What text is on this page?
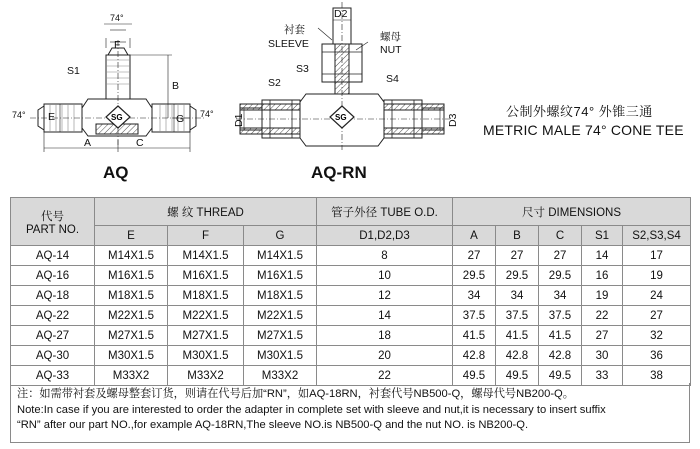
SG
74°
F
S1
B
74° E	G 74°
A	C
SG
D2
衬套
SLEEVE
螺母
NUT
S3
S2	S4
D1	D3
公制外螺纹74° 外锥三通
METRIC MALE 74° CONE TEE
AQ	AQ-RN
代号
PART NO.	螺 纹 THREAD			管子外径 TUBE O.D.	尺寸 DIMENSIONS				
	E	F	G	D1,D2,D3	A	B	C	S1	S2,S3,S4
AQ-14	M14X1.5	M14X1.5	M14X1.5	8	27	27	27	14	17
AQ-16	M16X1.5	M16X1.5	M16X1.5	10	29.5	29.5	29.5	16	19
AQ-18	M18X1.5	M18X1.5	M18X1.5	12	34	34	34	19	24
AQ-22	M22X1.5	M22X1.5	M22X1.5	14	37.5	37.5	37.5	22	27
AQ-27	M27X1.5	M27X1.5	M27X1.5	18	41.5	41.5	41.5	27	32
AQ-30	M30X1.5	M30X1.5	M30X1.5	20	42.8	42.8	42.8	30	36
AQ-33	M33X2	M33X2	M33X2	22	49.5	49.5	49.5	33	38
注：如需带衬套及螺母整套订货，则请在代号后加“RN”，如AQ-18RN，衬套代号NB500-Q，螺母代号NB200-Q。
Note:In case if you are interested to order the adapter in complete set with sleeve and nut,it is necessary to insert suffix
“RN” after our part NO.,for example AQ-18RN,The sleeve NO.is NB500-Q and the nut NO. is NB200-Q.
